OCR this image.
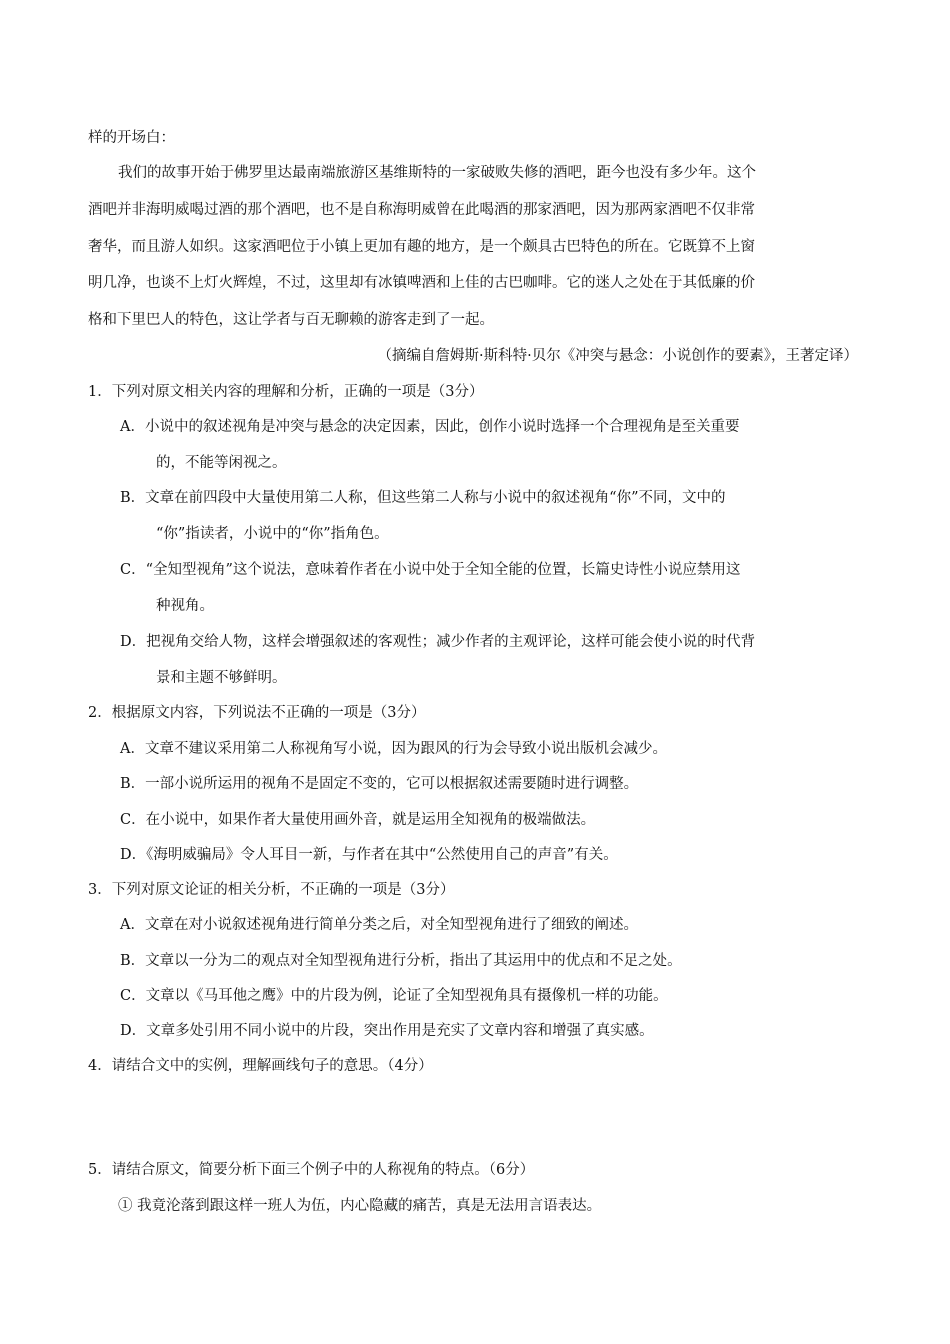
样的开场白：
我们的故事开始于佛罗里达最南端旅游区基维斯特的一家破败失修的酒吧，距今也没有多少年。这个
酒吧并非海明威喝过酒的那个酒吧，也不是自称海明威曾在此喝酒的那家酒吧，因为那两家酒吧不仅非常
奢华，而且游人如织。这家酒吧位于小镇上更加有趣的地方，是一个颇具古巴特色的所在。它既算不上窗
明几净，也谈不上灯火辉煌，不过，这里却有冰镇啤酒和上佳的古巴咖啡。它的迷人之处在于其低廉的价
格和下里巴人的特色，这让学者与百无聊赖的游客走到了一起。
（摘编自詹姆斯·斯科特·贝尔《冲突与悬念：小说创作的要素》，王著定译）
1．下列对原文相关内容的理解和分析，正确的一项是（3分）
A．小说中的叙述视角是冲突与悬念的决定因素，因此，创作小说时选择一个合理视角是至关重要
的，不能等闲视之。
B．文章在前四段中大量使用第二人称，但这些第二人称与小说中的叙述视角“你”不同，文中的
“你”指读者，小说中的“你”指角色。
C．“全知型视角”这个说法，意味着作者在小说中处于全知全能的位置，长篇史诗性小说应禁用这
种视角。
D．把视角交给人物，这样会增强叙述的客观性；减少作者的主观评论，这样可能会使小说的时代背
景和主题不够鲜明。
2．根据原文内容，下列说法不正确的一项是（3分）
A．文章不建议采用第二人称视角写小说，因为跟风的行为会导致小说出版机会减少。
B．一部小说所运用的视角不是固定不变的，它可以根据叙述需要随时进行调整。
C．在小说中，如果作者大量使用画外音，就是运用全知视角的极端做法。
D．《海明威骗局》令人耳目一新，与作者在其中“公然使用自己的声音”有关。
3．下列对原文论证的相关分析，不正确的一项是（3分）
A．文章在对小说叙述视角进行简单分类之后，对全知型视角进行了细致的阐述。
B．文章以一分为二的观点对全知型视角进行分析，指出了其运用中的优点和不足之处。
C．文章以《马耳他之鹰》中的片段为例，论证了全知型视角具有摄像机一样的功能。
D．文章多处引用不同小说中的片段，突出作用是充实了文章内容和增强了真实感。
4．请结合文中的实例，理解画线句子的意思。（4分）
5．请结合原文，简要分析下面三个例子中的人称视角的特点。（6分）
① 我竟沦落到跟这样一班人为伍，内心隐藏的痛苦，真是无法用言语表达。
